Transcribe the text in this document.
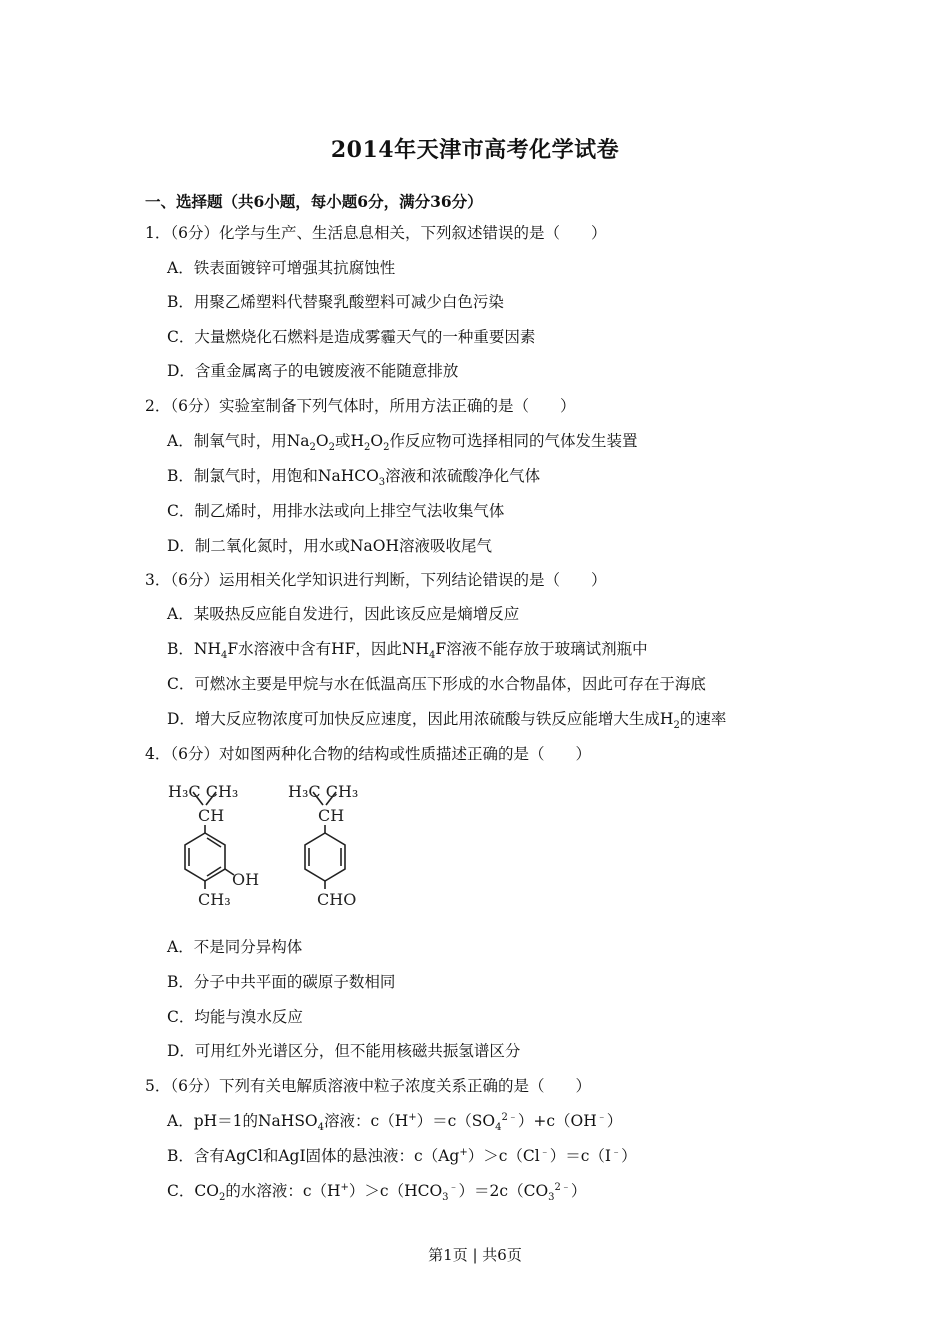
2014年天津市高考化学试卷
一、选择题（共6小题，每小题6分，满分36分）
1．（6分）化学与生产、生活息息相关，下列叙述错误的是（　　）
A．铁表面镀锌可增强其抗腐蚀性
B．用聚乙烯塑料代替聚乳酸塑料可减少白色污染
C．大量燃烧化石燃料是造成雾霾天气的一种重要因素
D．含重金属离子的电镀废液不能随意排放
2．（6分）实验室制备下列气体时，所用方法正确的是（　　）
A．制氧气时，用$Na_2O_2$或$H_2O_2$作反应物可选择相同的气体发生装置
B．制氯气时，用饱和NaHCO$_3$溶液和浓硫酸净化气体
C．制乙烯时，用排水法或向上排空气法收集气体
D．制二氧化氮时，用水或NaOH溶液吸收尾气
3．（6分）运用相关化学知识进行判断，下列结论错误的是（　　）
A．某吸热反应能自发进行，因此该反应是熵增反应
B．$NH_4F$水溶液中含有HF，因此$NH_4F$溶液不能存放于玻璃试剂瓶中
C．可燃冰主要是甲烷与水在低温高压下形成的水合物晶体，因此可存在于海底
D．增大反应物浓度可加快反应速度，因此用浓硫酸与铁反应能增大生成$H_2$的速率
4．（6分）对如图两种化合物的结构或性质描述正确的是（　　）
H₃C CH₃
CH
OH
CH₃
H₃C CH₃
CH
CHO
A．不是同分异构体
B．分子中共平面的碳原子数相同
C．均能与溴水反应
D．可用红外光谱区分，但不能用核磁共振氢谱区分
5．（6分）下列有关电解质溶液中粒子浓度关系正确的是（　　）
A．pH＝1的NaHSO$_4$溶液：$c(H^+)=c(SO_4^{2﹣})+c(OH^﹣)$
B．含有AgCl和AgI固体的悬浊液：c（Ag+）＞c（Cl﹣）＝c（I﹣）
C．$CO_2$的水溶液：$c(H^+)>c(HCO_3^﹣)=2c(CO_3^{2﹣})$
第1页 | 共6页
